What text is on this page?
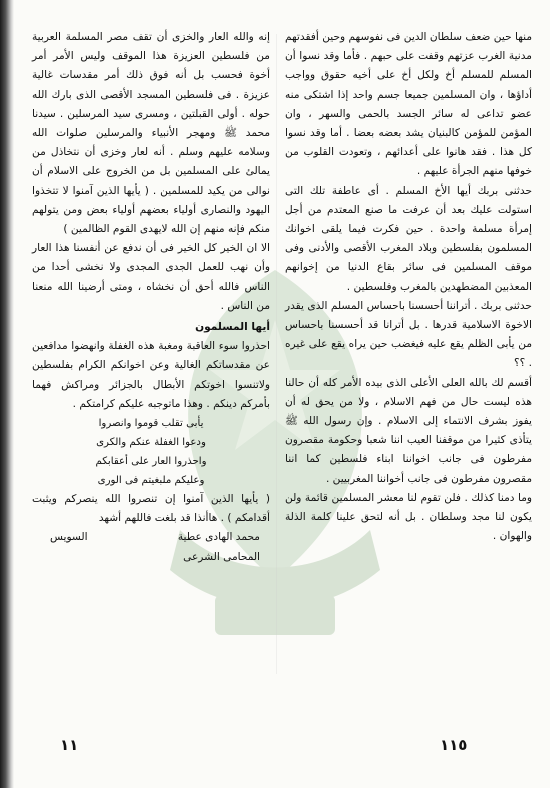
منها حين ضعف سلطان الدين فى نفوسهم وحين أفقدتهم مدنية الغرب عزتهم وقفت على حبهم . فأما وقد نسوا أن المسلم للمسلم أخ ولكل أخ على أخيه حقوق وواجب أداؤها ، وان المسلمين جميعا جسم واحد إذا اشتكى منه عضو تداعى له سائر الجسد بالحمى والسهر ، وان المؤمن للمؤمن كالبنيان يشد بعضه بعضا . أما وقد نسوا كل هذا . فقد هانوا على أعدائهم ، وتعودت القلوب من خوفها منهم الجرأة عليهم .

حدثنى بربك أيها الأخ المسلم . أى عاطفة تلك التى استولت عليك بعد أن عرفت ما صنع المعتدم من أجل إمرأة مسلمة واحدة . حين فكرت فيما يلقى اخوانك المسلمون بفلسطين وبلاد المغرب الأقصى والأدنى وفى موقف المسلمين فى سائر بقاع الدنيا من إخوانهم المعذبين المضطهدين بالمغرب وفلسطين .

حدثنى بربك . أتراننا أحسسنا باحساس المسلم الذى يقدر الاخوة الاسلامية قدرها . بل أترانا قد أحسسنا باحساس من يأبى الظلم يقع عليه فيغضب حين يراه يقع على غيره . ؟؟

أقسم لك بالله العلى الأعلى الذى بيده الأمر كله أن حالنا هذه ليست حال من فهم الاسلام ، ولا من يحق له أن يفوز بشرف الانتماء إلى الاسلام . وإن رسول الله ﷺ يتأذى كثيرا من موقفنا العيب اننا شعبا وحكومة مقصرون مفرطون فى جانب اخواننا ابناء فلسطين كما اننا مقصرون مفرطون فى جانب أخواننا المغربيين .

وما دمنا كذلك . فلن تقوم لنا معشر المسلمين قائمة ولن يكون لنا مجد وسلطان . بل أنه لتحق علينا كلمة الذلة والهوان .

إنه والله العار والخزى أن تقف مصر المسلمة العربية من فلسطين العزيزة هذا الموقف وليس الأمر أمر أخوة فحسب بل أنه فوق ذلك أمر مقدسات غالية عزيزة . فى فلسطين المسجد الأقصى الذى بارك الله حوله . أولى القبلتين ، ومسرى سيد المرسلين . سيدنا محمد ﷺ ومهجر الأنبياء والمرسلين صلوات الله وسلامه عليهم وسلم . أنه لعار وخزى أن نتخاذل من يمالئ على المسلمين بل من الخروج على الاسلام أن نوالى من يكيد للمسلمين . ( يأيها الذين آمنوا لا تتخذوا اليهود والنصارى أولياء بعضهم أولياء بعض ومن يتولهم منكم فإنه منهم إن الله لايهدى القوم الظالمين )

الا ان الخير كل الخير فى أن ندفع عن أنفسنا هذا العار وأن نهب للعمل الجدى المجدى ولا نخشى أحدا من الناس فالله أحق أن نخشاه ، ومتى أرضينا الله منعنا من الناس .

أيها المسلمون

احذروا سوء العاقبة ومغبة هذه الغفلة وانهضوا مدافعين عن مقدساتكم الغالية وعن اخوانكم الكرام بفلسطين ولاتنسوا اخوتكم الأبطال بالجزائر ومراكش فهما بأمركم دينكم . وهذا ماتوجبه عليكم كرامتكم .

يأبى تقلب قوموا وانصروا
ودعوا الغفلة عنكم والكرى
واحذروا العار على أعقابكم
وعليكم ملبغيتم فى الورى

( يأيها الذين آمنوا إن تنصروا الله ينصركم ويثبت أقدامكم ) . هاأنذا قد بلغت فاللهم أشهد

محمد الهادى عطية
السويس
المحامى الشرعى
١١٥
١١
